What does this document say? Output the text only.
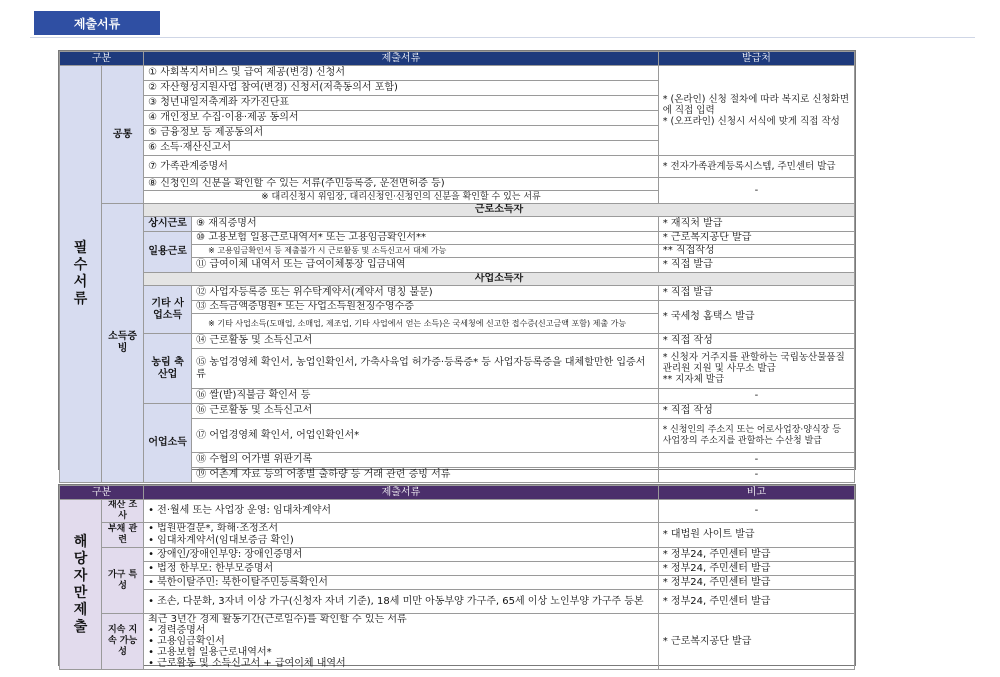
제출서류
구분		제출서류		발급처
필수서류	공통	① 사회복지서비스 및 급여 제공(변경) 신청서		* (온라인) 신청 절차에 따라 복지로 신청화면에 직접 입력
* (오프라인) 신청시 서식에 맞게 직접 작성
		② 자산형성지원사업 참여(변경) 신청서(저축동의서 포함)		
		③ 청년내일저축계좌 자가진단표		
		④ 개인정보 수집·이용·제공 동의서		
		⑤ 금융정보 등 제공동의서		
		⑥ 소득·재산신고서		
		⑦ 가족관계증명서		* 전자가족관계등록시스템, 주민센터 발급
		⑧ 신청인의 신분을 확인할 수 있는 서류(주민등록증, 운전면허증 등)		-
		※ 대리신청시 위임장, 대리신청인·신청인의 신분을 확인할 수 있는 서류		
	소득증빙	근로소득자		
		상시근로	⑨ 재직증명서	* 재직처 발급
		일용근로	⑩ 고용보험 일용근로내역서* 또는 고용임금확인서**	* 근로복지공단 발급
			※ 고용임금확인서 등 제출불가 시 근로활동 및 소득신고서 대체 가능	** 직접작성
			⑪ 급여이체 내역서 또는 급여이체통장 입금내역	* 직접 발급
		사업소득자		
		기타 사업소득	⑫ 사업자등록증 또는 위수탁계약서(계약서 명칭 불문)	* 직접 발급
			⑬ 소득금액증명원* 또는 사업소득원천징수영수증	* 국세청 홈택스 발급
			※ 기타 사업소득(도매업, 소매업, 제조업, 기타 사업에서 얻는 소득)은 국세청에 신고한 접수증(신고금액 포함) 제출 가능	
		농림 축산업	⑭ 근로활동 및 소득신고서	* 직접 작성
			⑮ 농업경영체 확인서, 농업인확인서, 가축사육업 허가증·등록증* 등 사업자등록증을 대체할만한 입증서류	* 신청자 거주지를 관할하는 국립농산물품질관리원 지원 및 사무소 발급
** 지자체 발급
			⑯ 쌀(밭)직불금 확인서 등	-
		어업소득	⑯ 근로활동 및 소득신고서	* 직접 작성
			⑰ 어업경영체 확인서, 어업인확인서*	* 신청인의 주소지 또는 어로사업장·양식장 등 사업장의 주소지를 관할하는 수산청 발급
			⑱ 수협의 어가별 위판기록	-
			⑲ 어촌계 자료 등의 어종별 출하량 등 거래 관련 증빙 서류	-
구분		제출서류	비고
해당자만제출	재산 조사	• 전·월세 또는 사업장 운영: 임대차계약서	-
	부채 관련	• 법원판결문*, 화해·조정조서
• 임대차계약서(임대보증금 확인)	* 대법원 사이트 발급
	가구 특성	• 장애인/장애인부양: 장애인증명서	* 정부24, 주민센터 발급
		• 법정 한부모: 한부모증명서	* 정부24, 주민센터 발급
		• 북한이탈주민: 북한이탈주민등록확인서	* 정부24, 주민센터 발급
		• 조손, 다문화, 3자녀 이상 가구(신청자 자녀 기준), 18세 미만 아동부양 가구주, 65세 이상 노인부양 가구주 등본	* 정부24, 주민센터 발급
	지속 지속 가능 성	최근 3년간 경제 활동기간(근로일수)를 확인할 수 있는 서류
• 경력증명서
• 고용임금확인서
• 고용보험 일용근로내역서*
• 근로활동 및 소득신고서 + 급여이체 내역서	* 근로복지공단 발급
